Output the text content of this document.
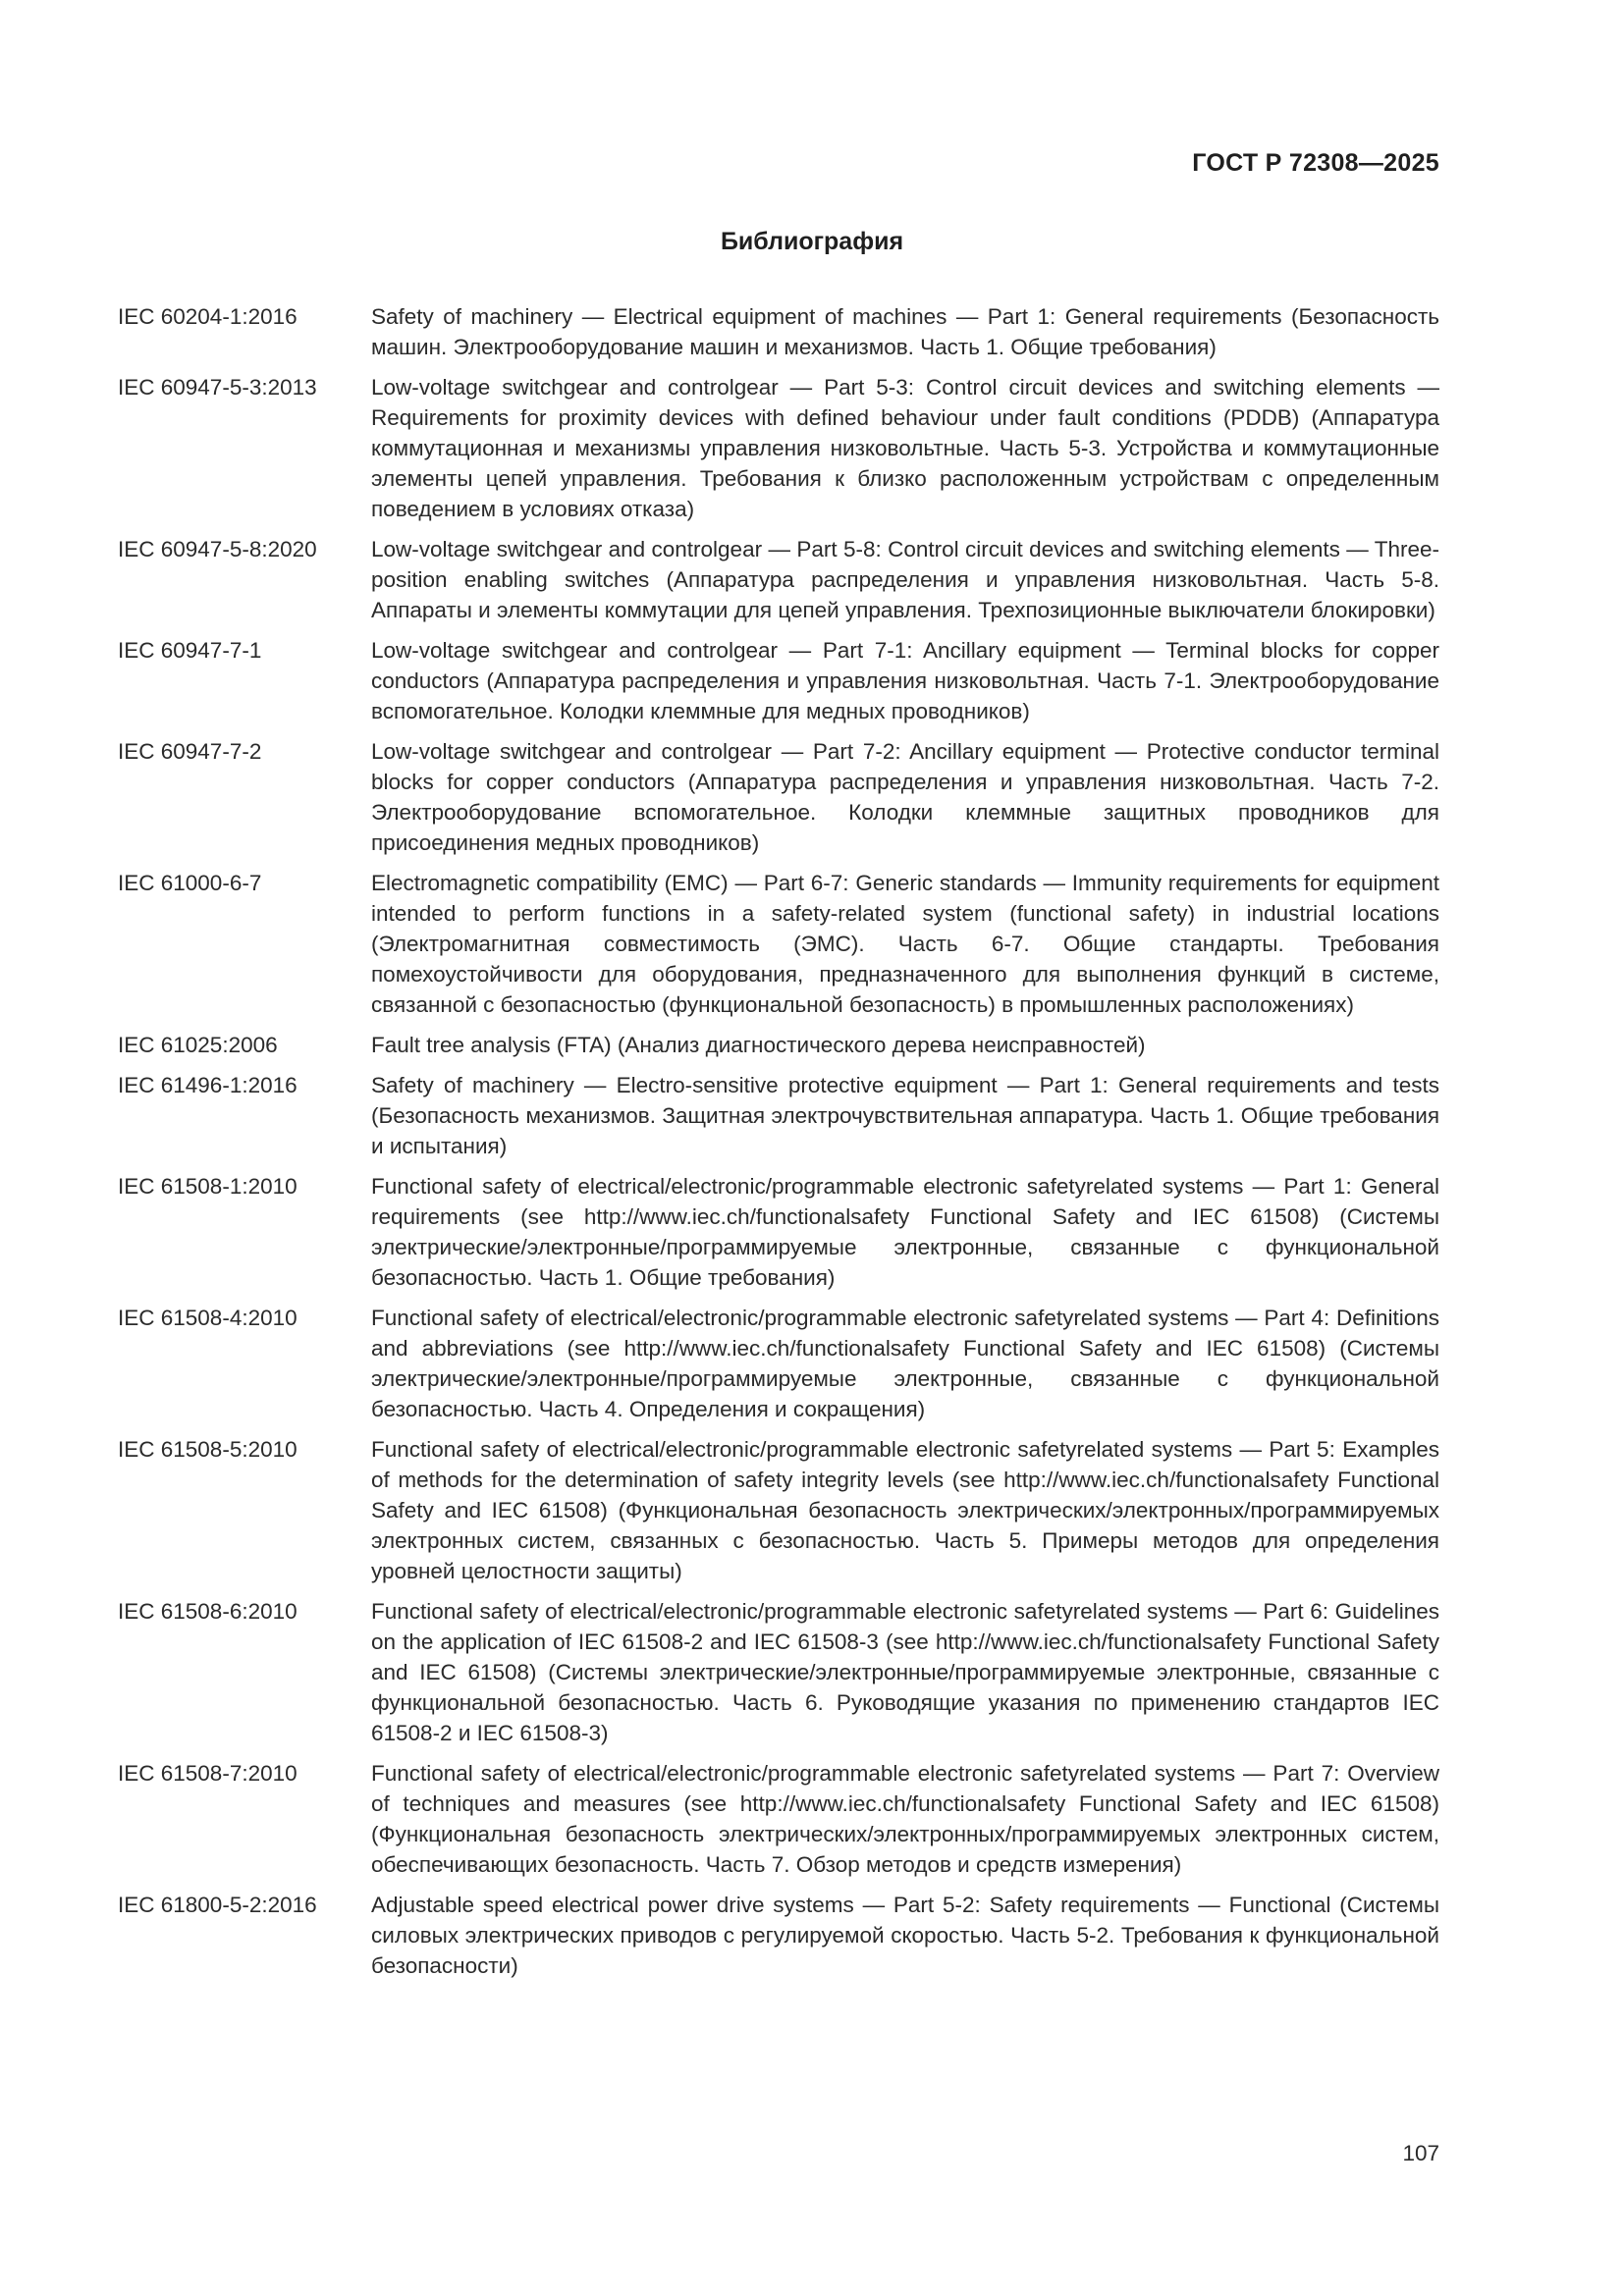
ГОСТ Р 72308—2025
Библиография
IEC 60204-1:2016	Safety of machinery — Electrical equipment of machines — Part 1: General requirements (Безопасность машин. Электрооборудование машин и механизмов. Часть 1. Общие требования)
IEC 60947-5-3:2013	Low-voltage switchgear and controlgear — Part 5-3: Control circuit devices and switching elements — Requirements for proximity devices with defined behaviour under fault conditions (PDDB) (Аппаратура коммутационная и механизмы управления низковольтные. Часть 5-3. Устройства и коммутационные элементы цепей управления. Требования к близко расположенным устройствам с определенным поведением в условиях отказа)
IEC 60947-5-8:2020	Low-voltage switchgear and controlgear — Part 5-8: Control circuit devices and switching elements — Three-position enabling switches (Аппаратура распределения и управления низковольтная. Часть 5-8. Аппараты и элементы коммутации для цепей управления. Трехпозиционные выключатели блокировки)
IEC 60947-7-1	Low-voltage switchgear and controlgear — Part 7-1: Ancillary equipment — Terminal blocks for copper conductors (Аппаратура распределения и управления низковольтная. Часть 7-1. Электрооборудование вспомогательное. Колодки клеммные для медных проводников)
IEC 60947-7-2	Low-voltage switchgear and controlgear — Part 7-2: Ancillary equipment — Protective conductor terminal blocks for copper conductors (Аппаратура распределения и управления низковольтная. Часть 7-2. Электрооборудование вспомогательное. Колодки клеммные защитных проводников для присоединения медных проводников)
IEC 61000-6-7	Electromagnetic compatibility (EMC) — Part 6-7: Generic standards — Immunity requirements for equipment intended to perform functions in a safety-related system (functional safety) in industrial locations (Электромагнитная совместимость (ЭМС). Часть 6-7. Общие стандарты. Требования помехоустойчивости для оборудования, предназначенного для выполнения функций в системе, связанной с безопасностью (функциональной безопасность) в промышленных расположениях)
IEC 61025:2006	Fault tree analysis (FTA) (Анализ диагностического дерева неисправностей)
IEC 61496-1:2016	Safety of machinery — Electro-sensitive protective equipment — Part 1: General requirements and tests (Безопасность механизмов. Защитная электрочувствительная аппаратура. Часть 1. Общие требования и испытания)
IEC 61508-1:2010	Functional safety of electrical/electronic/programmable electronic safetyrelated systems — Part 1: General requirements (see http://www.iec.ch/functionalsafety Functional Safety and IEC 61508) (Системы электрические/электронные/программируемые электронные, связанные с функциональной безопасностью. Часть 1. Общие требования)
IEC 61508-4:2010	Functional safety of electrical/electronic/programmable electronic safetyrelated systems — Part 4: Definitions and abbreviations (see http://www.iec.ch/functionalsafety Functional Safety and IEC 61508) (Системы электрические/электронные/программируемые электронные, связанные с функциональной безопасностью. Часть 4. Определения и сокращения)
IEC 61508-5:2010	Functional safety of electrical/electronic/programmable electronic safetyrelated systems — Part 5: Examples of methods for the determination of safety integrity levels (see http://www.iec.ch/functionalsafety Functional Safety and IEC 61508) (Функциональная безопасность электрических/электронных/программируемых электронных систем, связанных с безопасностью. Часть 5. Примеры методов для определения уровней целостности защиты)
IEC 61508-6:2010	Functional safety of electrical/electronic/programmable electronic safetyrelated systems — Part 6: Guidelines on the application of IEC 61508-2 and IEC 61508-3 (see http://www.iec.ch/functionalsafety Functional Safety and IEC 61508) (Системы электрические/электронные/программируемые электронные, связанные с функциональной безопасностью. Часть 6. Руководящие указания по применению стандартов IEC 61508-2 и IEC 61508-3)
IEC 61508-7:2010	Functional safety of electrical/electronic/programmable electronic safetyrelated systems — Part 7: Overview of techniques and measures (see http://www.iec.ch/functionalsafety Functional Safety and IEC 61508) (Функциональная безопасность электрических/электронных/программируемых электронных систем, обеспечивающих безопасность. Часть 7. Обзор методов и средств измерения)
IEC 61800-5-2:2016	Adjustable speed electrical power drive systems — Part 5-2: Safety requirements — Functional (Системы силовых электрических приводов с регулируемой скоростью. Часть 5-2. Требования к функциональной безопасности)
107
